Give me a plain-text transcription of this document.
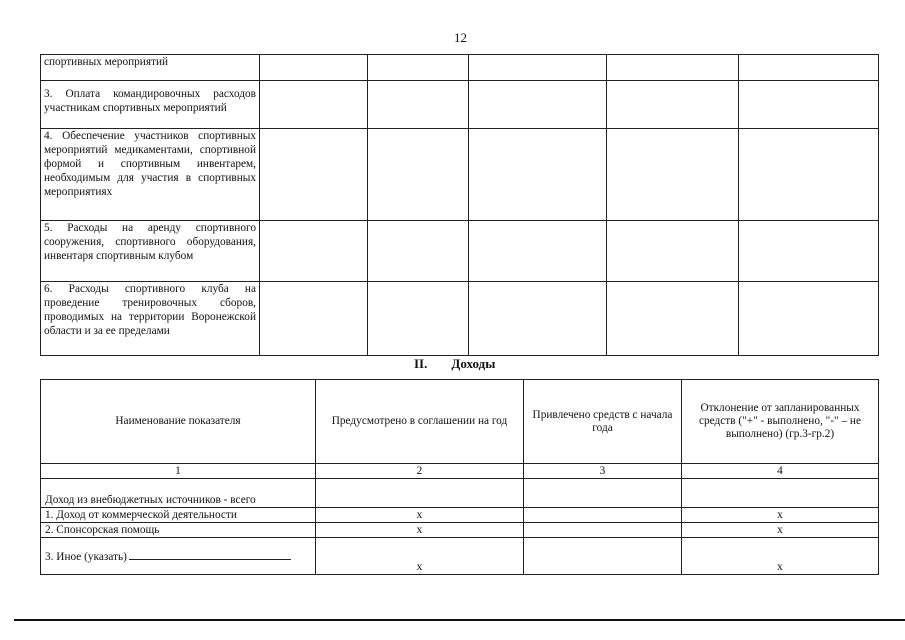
12
спортивных мероприятий					

3. Оплата командировочных расходов участникам спортивных мероприятий					

4. Обеспечение участников спортивных мероприятий медикаментами, спортивной формой и спортивным инвентарем, необходимым для участия в спортивных мероприятиях					

5. Расходы на аренду спортивного сооружения, спортивного оборудования, инвентаря спортивным клубом					

6. Расходы спортивного клуба на проведение тренировочных сборов, проводимых на территории Воронежской области и за ее пределами					

II. Доходы
Наименование показателя	Предусмотрено в соглашении на год	Привлечено средств с начала года	Отклонение от запланированных средств ("+" - выполнено, "-" – не выполнено) (гр.3-гр.2)
1	2	3	4
Доход из внебюджетных источников - всего			
1. Доход от коммерческой деятельности	х		х
2. Спонсорская помощь	х		х
3. Иное (указать)	х		х
